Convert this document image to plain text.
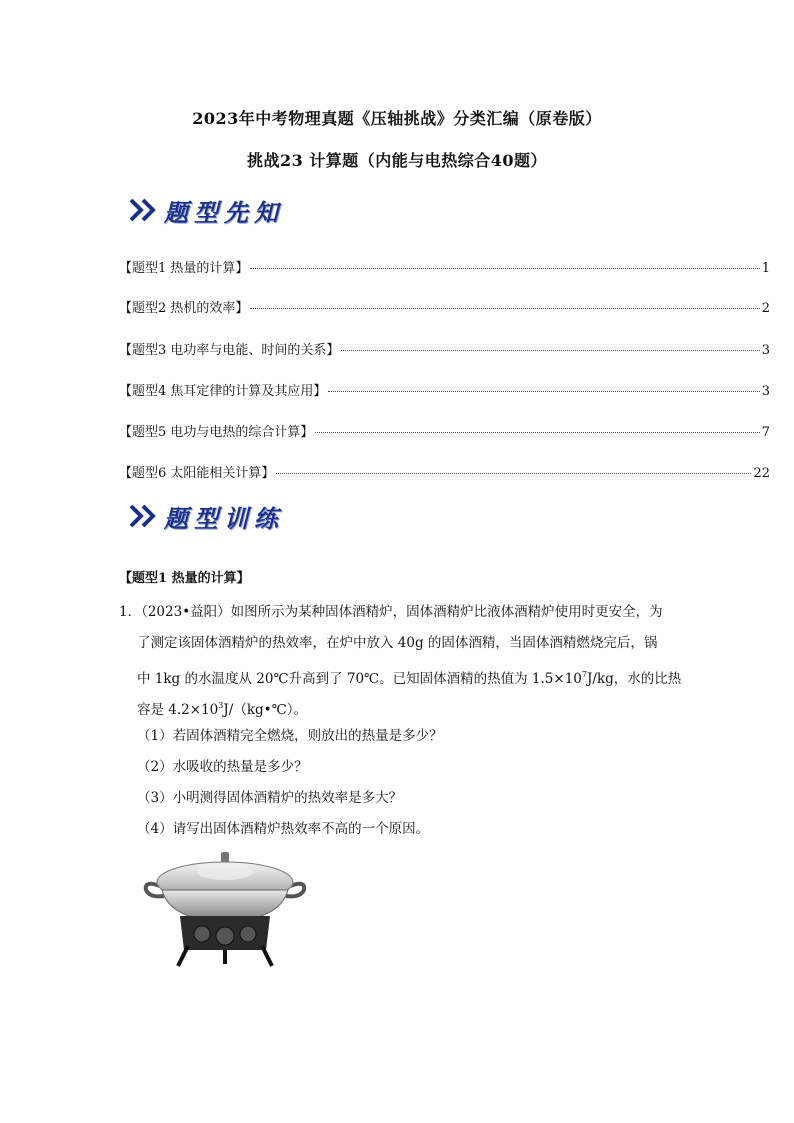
2023年中考物理真题《压轴挑战》分类汇编（原卷版）
挑战23 计算题（内能与电热综合40题）
题型先知
【题型1 热量的计算】	1
【题型2 热机的效率】	2
【题型3 电功率与电能、时间的关系】	3
【题型4 焦耳定律的计算及其应用】	3
【题型5 电功与电热的综合计算】	7
【题型6 太阳能相关计算】	22
题型训练
【题型1 热量的计算】
1．（2023•益阳）如图所示为某种固体酒精炉，固体酒精炉比液体酒精炉使用时更安全，为
了测定该固体酒精炉的热效率，在炉中放入 40g 的固体酒精，当固体酒精燃烧完后，锅
中 1kg 的水温度从 20℃升高到了 70℃。已知固体酒精的热值为 $1.5\times 10^7J/kg$，水的比热
容是 $4.2\times 10^3J/(kg•℃)$。
（1）若固体酒精完全燃烧，则放出的热量是多少？
（2）水吸收的热量是多少？
（3）小明测得固体酒精炉的热效率是多大？
（4）请写出固体酒精炉热效率不高的一个原因。
